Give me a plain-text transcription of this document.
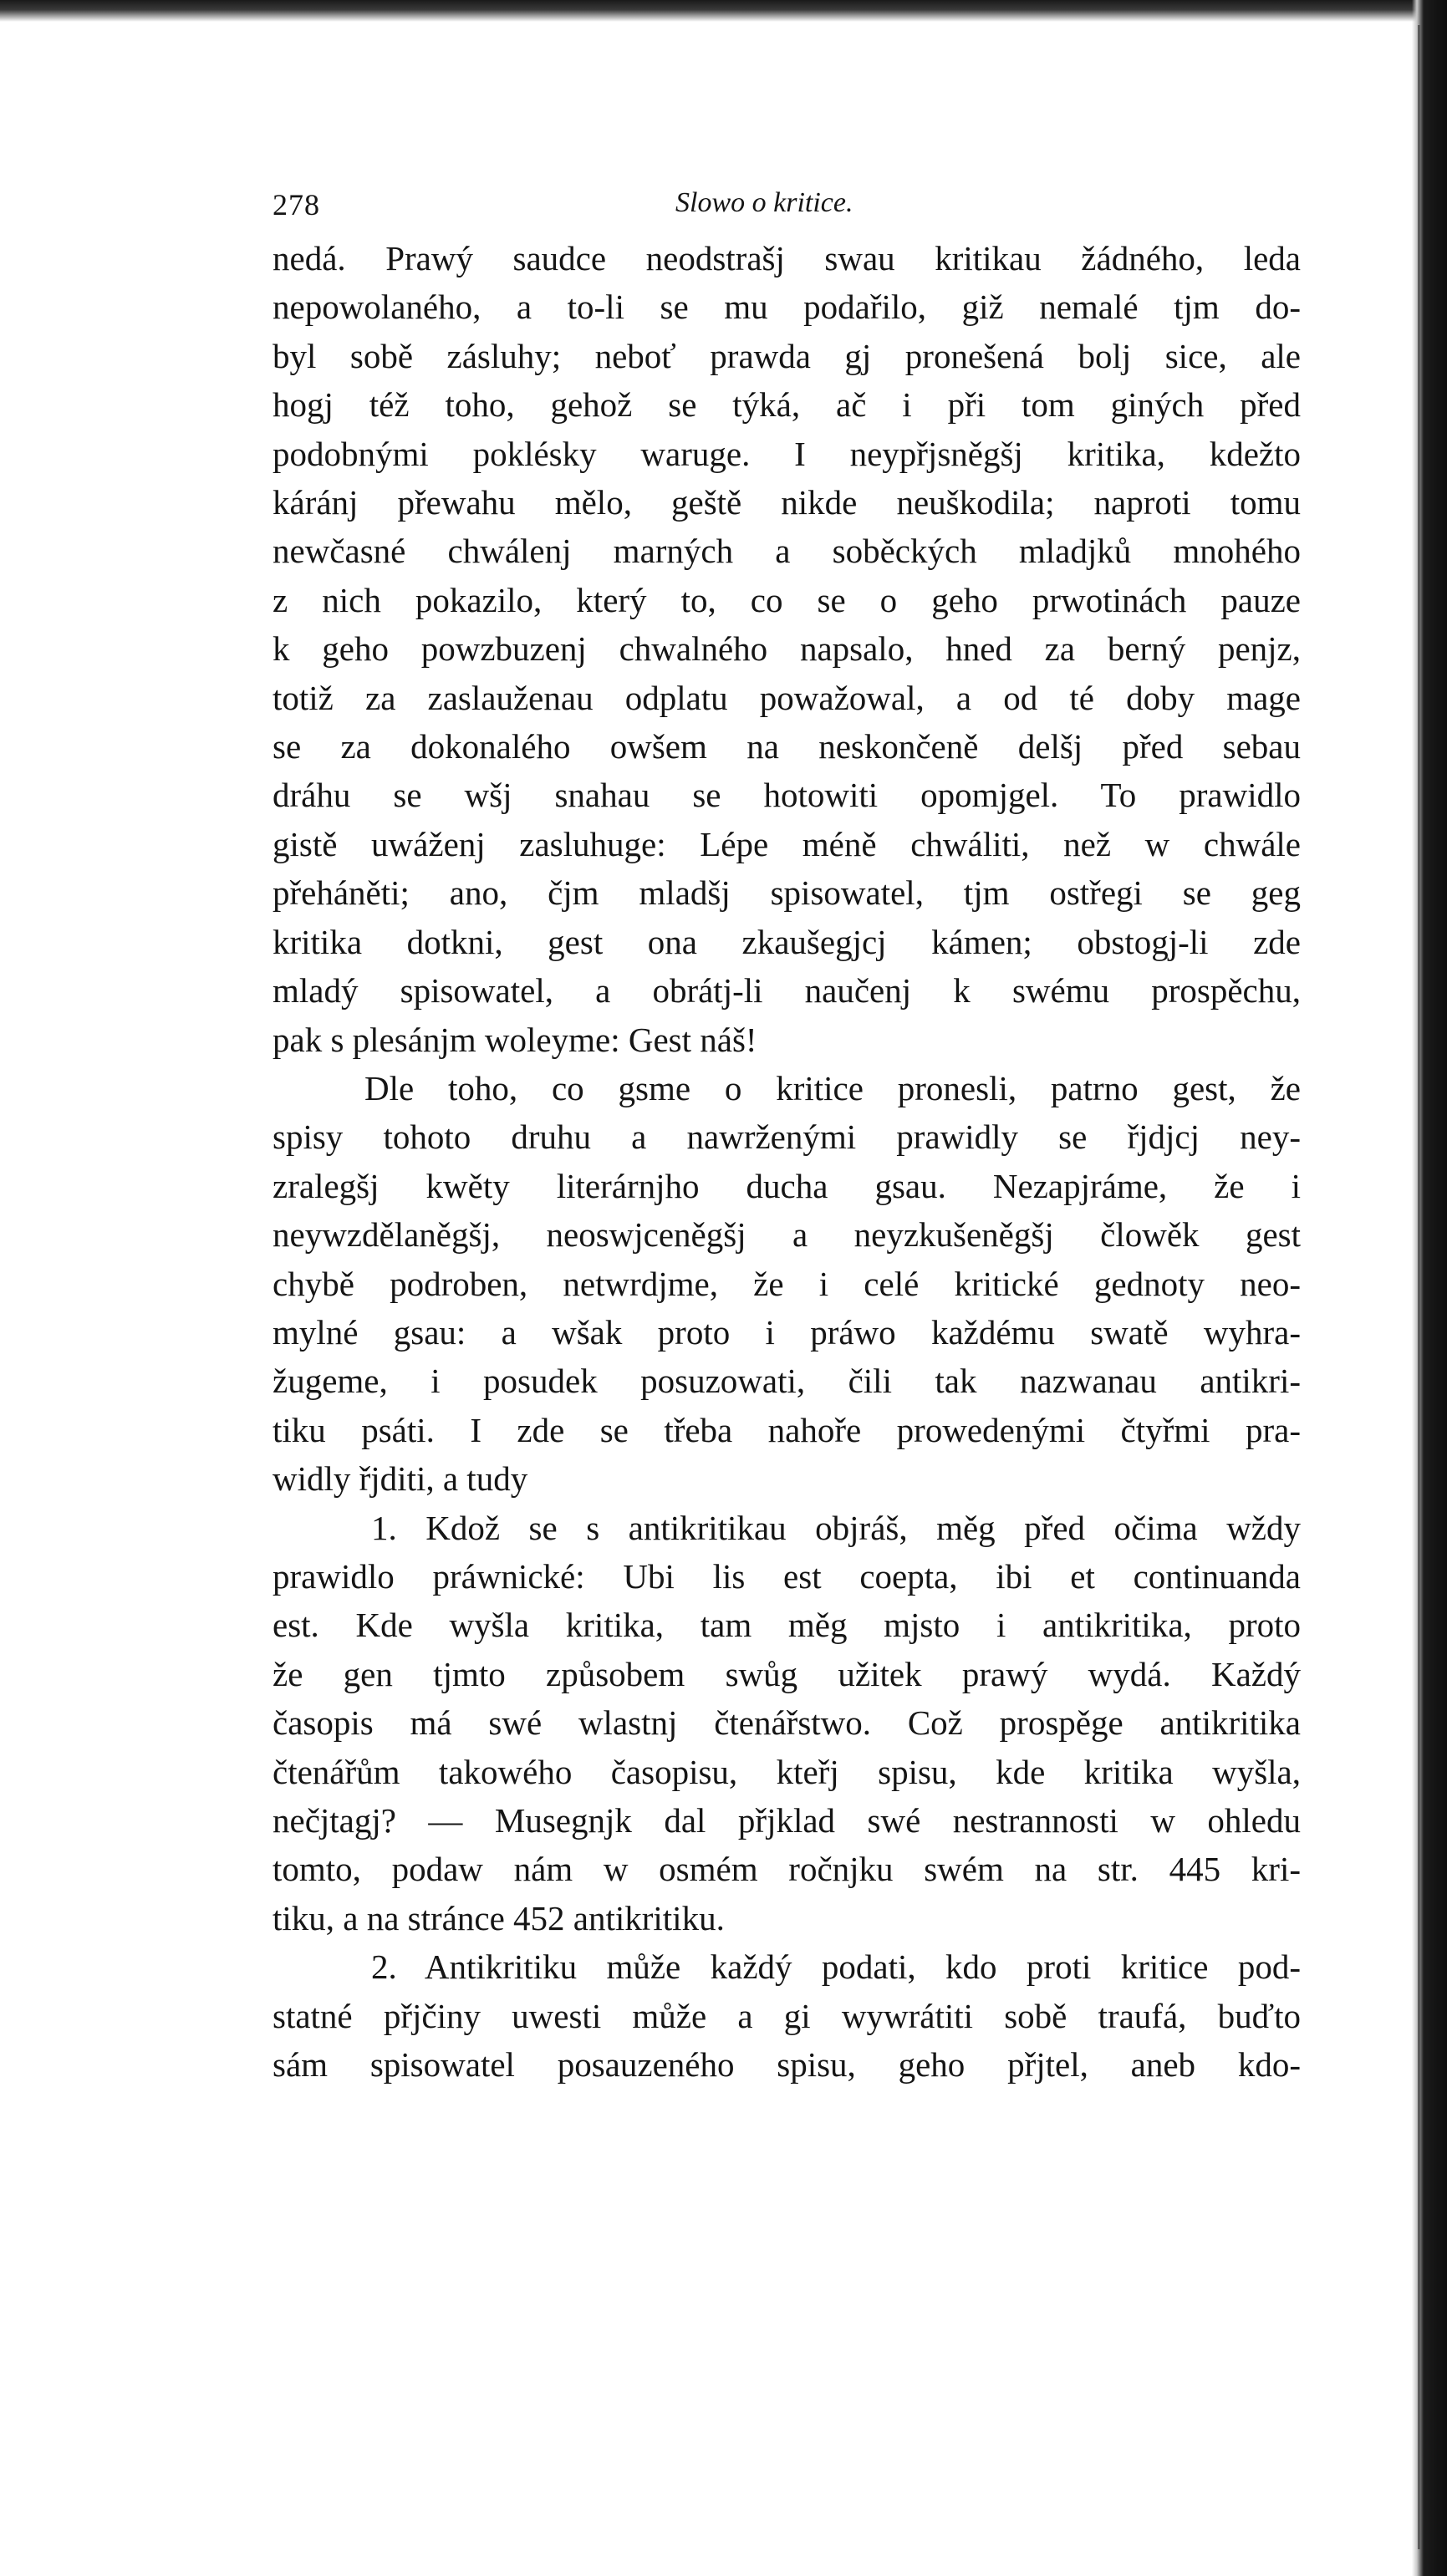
278	Slowo o kritice.
nedá. Prawý saudce neodstrašj swau kritikau žádného, leda
nepowolaného, a to-li se mu podařilo, giž nemalé tjm do-
byl sobě zásluhy; neboť prawda gj pronešená bolj sice, ale
hogj též toho, gehož se týká, ač i při tom giných před
podobnými poklésky waruge. I neypřjsněgšj kritika, kdežto
káránj přewahu mělo, geště nikde neuškodila; naproti tomu
newčasné chwálenj marných a soběckých mladjků mnohého
z nich pokazilo, který to, co se o geho prwotinách pauze
k geho powzbuzenj chwalného napsalo, hned za berný penjz,
totiž za zaslauženau odplatu powažowal, a od té doby mage
se za dokonalého owšem na neskončeně delšj před sebau
dráhu se wšj snahau se hotowiti opomjgel. To prawidlo
gistě uwáženj zasluhuge: Lépe méně chwáliti, než w chwále
přeháněti; ano, čjm mladšj spisowatel, tjm ostřegi se geg
kritika dotkni, gest ona zkaušegjcj kámen; obstogj-li zde
mladý spisowatel, a obrátj-li naučenj k swému prospěchu,
pak s plesánjm woleyme: Gest náš!
Dle toho, co gsme o kritice pronesli, patrno gest, že
spisy tohoto druhu a nawrženými prawidly se řjdjcj ney-
zralegšj kwěty literárnjho ducha gsau. Nezapjráme, že i
neywzdělaněgšj, neoswjceněgšj a neyzkušeněgšj člowěk gest
chybě podroben, netwrdjme, že i celé kritické gednoty neo-
mylné gsau: a wšak proto i práwo každému swatě wyhra-
žugeme, i posudek posuzowati, čili tak nazwanau antikri-
tiku psáti. I zde se třeba nahoře prowedenými čtyřmi pra-
widly řjditi, a tudy
1. Kdož se s antikritikau objráš, měg před očima wždy
prawidlo práwnické: Ubi lis est coepta, ibi et continuanda
est. Kde wyšla kritika, tam měg mjsto i antikritika, proto
že gen tjmto způsobem swůg užitek prawý wydá. Každý
časopis má swé wlastnj čtenářstwo. Což prospěge antikritika
čtenářům takowého časopisu, kteřj spisu, kde kritika wyšla,
nečjtagj? — Musegnjk dal přjklad swé nestrannosti w ohledu
tomto, podaw nám w osmém ročnjku swém na str. 445 kri-
tiku, a na stránce 452 antikritiku.
2. Antikritiku může každý podati, kdo proti kritice pod-
statné přjčiny uwesti může a gi wywrátiti sobě traufá, buďto
sám spisowatel posauzeného spisu, geho přjtel, aneb kdo-
